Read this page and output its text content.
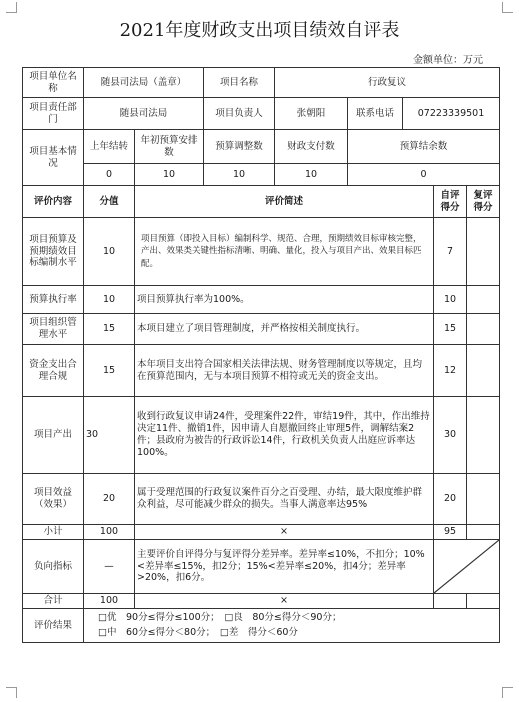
2021年度财政支出项目绩效自评表
金额单位：万元
项目单位名称	随县司法局（盖章）		项目名称	行政复议				
项目责任部门	随县司法局		项目负责人	张朝阳	联系电话	07223339501		
项目基本情况	上年结转	年初预算安排数	预算调整数	财政支付数	预算结余数			
	0	10	10	10	0			
评价内容	分值	评价简述					自评得分	复评得分
项目预算及预期绩效目标编制水平	10	项目预算（即投入目标）编制科学、规范、合理，预期绩效目标审核完整，产出、效果类关键性指标清晰、明确、量化，投入与项目产出、效果目标匹配。					7	
预算执行率	10	项目预算执行率为100%。					10	
项目组织管理水平	15	本项目建立了项目管理制度，并严格按相关制度执行。					15	
资金支出合理合规	15	本年项目支出符合国家相关法律法规、财务管理制度以等规定，且均在预算范围内，无与本项目预算不相符或无关的资金支出。					12	
项目产出	30	收到行政复议申请24件，受理案件22件，审结19件，其中，作出维持决定11件、撤销1件，因申请人自愿撤回终止审理5件，调解结案2件；县政府为被告的行政诉讼14件，行政机关负责人出庭应诉率达100%。					30	
项目效益（效果）	20	属于受理范围的行政复议案件百分之百受理、办结，最大限度维护群众利益，尽可能减少群众的损失。当事人满意率达95%					20	
小计	100	×					95	
负向指标	—	主要评价自评得分与复评得分差异率。差异率≤10%，不扣分；10%<差异率≤15%，扣2分；15%<差异率≤20%，扣4分；差异率>20%，扣6分。	

合计	100	×						
评价结果	□优　90分≤得分≤100分；　□良　80分≤得分＜90分；
□中　60分≤得分＜80分；　□差　得分＜60分							
